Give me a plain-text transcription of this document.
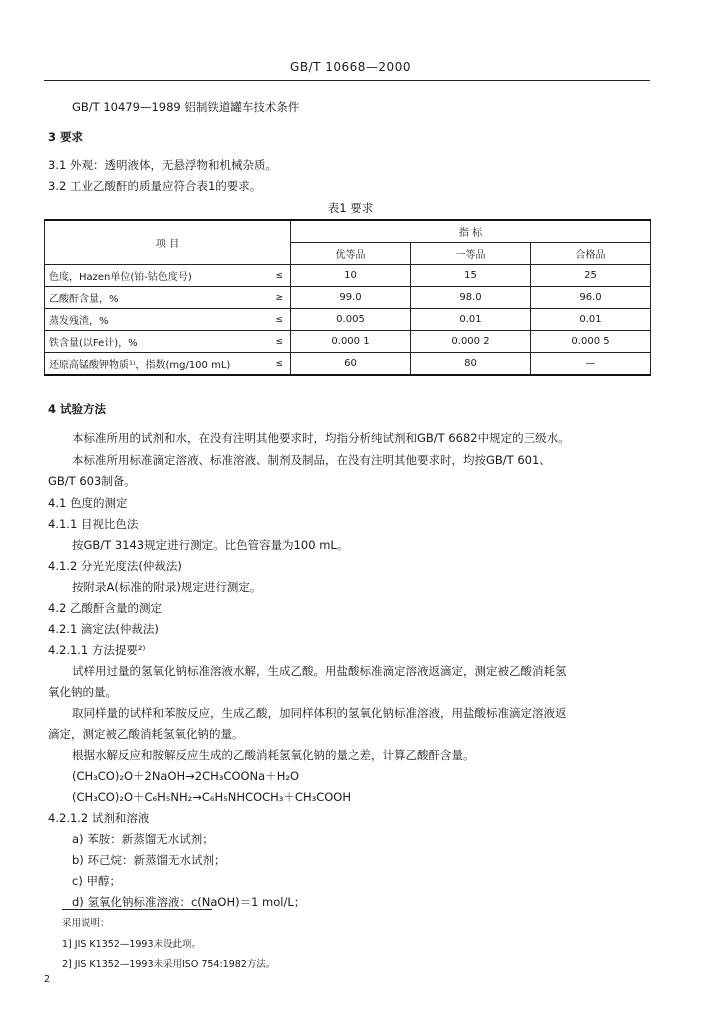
GB/T 10668—2000
GB/T 10479—1989 铝制铁道罐车技术条件
3 要求
3.1 外观：透明液体，无悬浮物和机械杂质。
3.2 工业乙酸酐的质量应符合表1的要求。
表1 要求
项 目		指 标		
		优等品	一等品	合格品
色度，Hazen单位(铂-钴色度号)	≤	10	15	25
乙酸酐含量，%	≥	99.0	98.0	96.0
蒸发残渣，%	≤	0.005	0.01	0.01
铁含量(以Fe计)，%	≤	0.000 1	0.000 2	0.000 5
还原高锰酸钾物质¹⁾，指数(mg/100 mL)	≤	60	80	—
4 试验方法
本标准所用的试剂和水，在没有注明其他要求时，均指分析纯试剂和GB/T 6682中规定的三级水。
本标准所用标准滴定溶液、标准溶液、制剂及制品，在没有注明其他要求时，均按GB/T 601、
GB/T 603制备。
4.1 色度的测定
4.1.1 目视比色法
按GB/T 3143规定进行测定。比色管容量为100 mL。
4.1.2 分光光度法(仲裁法)
按附录A(标准的附录)规定进行测定。
4.2 乙酸酐含量的测定
4.2.1 滴定法(仲裁法)
4.2.1.1 方法提要²⁾
试样用过量的氢氧化钠标准溶液水解，生成乙酸。用盐酸标准滴定溶液返滴定，测定被乙酸消耗氢
氧化钠的量。
取同样量的试样和苯胺反应，生成乙酸，加同样体积的氢氧化钠标准溶液，用盐酸标准滴定溶液返
滴定，测定被乙酸消耗氢氧化钠的量。
根据水解反应和胺解反应生成的乙酸消耗氢氧化钠的量之差，计算乙酸酐含量。
(CH₃CO)₂O＋2NaOH→2CH₃COONa＋H₂O
(CH₃CO)₂O＋C₆H₅NH₂→C₆H₅NHCOCH₃＋CH₃COOH
4.2.1.2 试剂和溶液
a) 苯胺：新蒸馏无水试剂；
b) 环己烷：新蒸馏无水试剂；
c) 甲醇；
d) 氢氧化钠标准溶液：c(NaOH)＝1 mol/L；
采用说明：
1] JIS K1352—1993未设此项。
2] JIS K1352—1993未采用ISO 754:1982方法。
2
